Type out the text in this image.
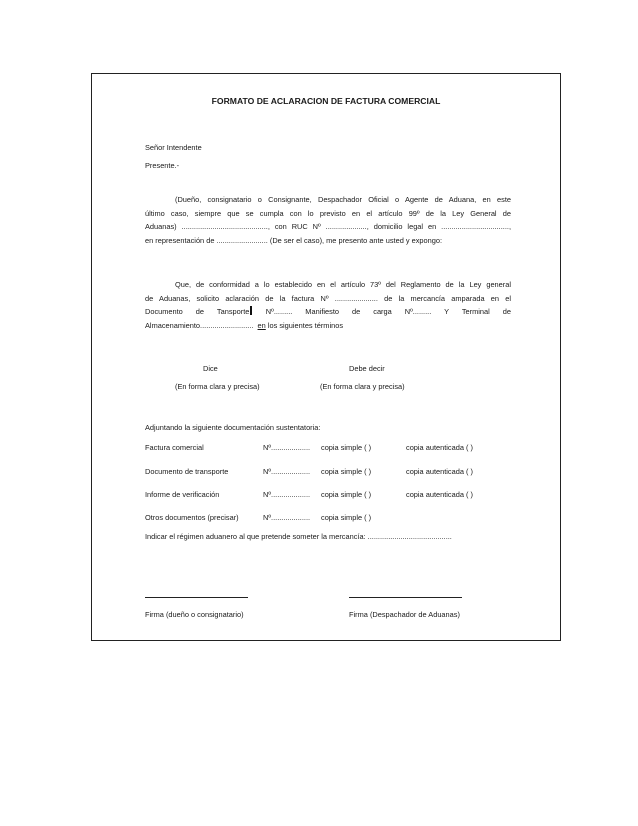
FORMATO DE ACLARACION DE FACTURA COMERCIAL
Señor Intendente
Presente.-
(Dueño, consignatario o Consignante, Despachador Oficial o Agente de Aduana, en este
último caso, siempre que se cumpla con lo previsto en el artículo 99º de la Ley General de
Aduanas) .........................................., con RUC Nº ...................., domicilio legal en .................................,
en representación de ......................... (De ser el caso), me presento ante usted y expongo:
Que, de conformidad a lo establecido en el artículo 73º del Reglamento de la Ley general
de Aduanas, solicito aclaración de la factura Nº ..................... de la mercancía amparada en el
Documento de Tansporte Nº......... Manifiesto de carga Nº......... Y Terminal de
Almacenamiento.......................... en los siguientes términos
Dice	Debe decir
(En forma clara y precisa)	(En forma clara y precisa)
Adjuntando la siguiente documentación sustentatoria:
Factura comercial	Nº................... copia simple ( )	copia autenticada ( )
Documento de transporte	Nº................... copia simple ( )	copia autenticada ( )
Informe de verificación	Nº................... copia simple ( )	copia autenticada ( )
Otros documentos (precisar)	Nº................... copia simple ( )
Indicar el régimen aduanero al que pretende someter la mercancía: .........................................
Firma (dueño o consignatario)	Firma (Despachador de Aduanas)
